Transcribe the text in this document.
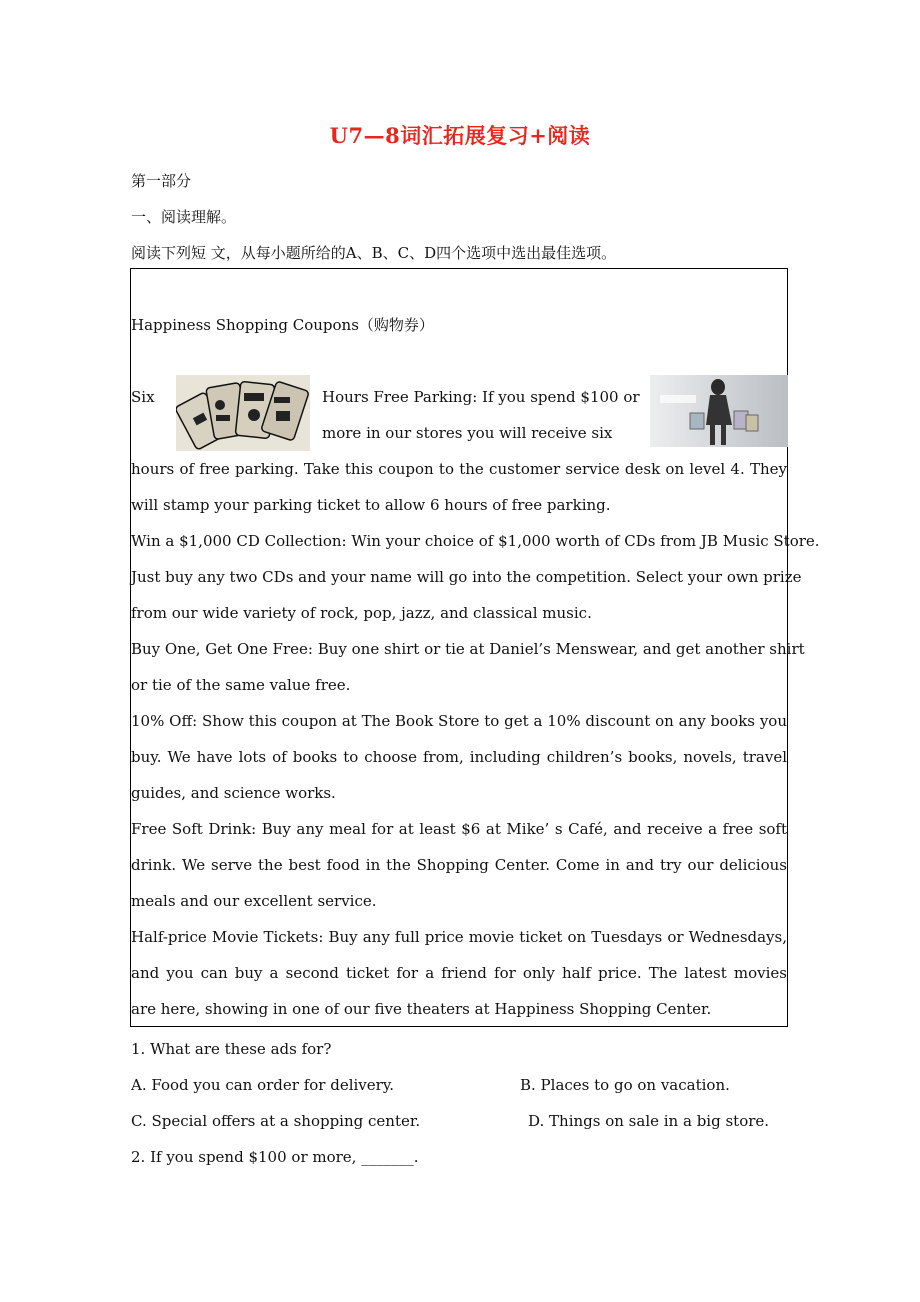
U7—8词汇拓展复习+阅读
第一部分
一、阅读理解。
阅读下列短 文，从每小题所给的A、B、C、D四个选项中选出最佳选项。
Happiness Shopping Coupons（购物券）
Six	Hours Free Parking: If you spend $100 or
more in our stores you will receive six
hours of free parking. Take this coupon to the customer service desk on level 4. They
will stamp your parking ticket to allow 6 hours of free parking.
Win a $1,000 CD Collection: Win your choice of $1,000 worth of CDs from JB Music Store.
Just buy any two CDs and your name will go into the competition. Select your own prize
from our wide variety of rock, pop, jazz, and classical music.
Buy One, Get One Free: Buy one shirt or tie at Daniel’s Menswear, and get another shirt
or tie of the same value free.
10% Off: Show this coupon at The Book Store to get a 10% discount on any books you
buy. We have lots of books to choose from, including children’s books, novels, travel
guides, and science works.
Free Soft Drink: Buy any meal for at least $6 at Mike’ s Café, and receive a free soft
drink. We serve the best food in the Shopping Center. Come in and try our delicious
meals and our excellent service.
Half-price Movie Tickets: Buy any full price movie ticket on Tuesdays or Wednesdays,
and you can buy a second ticket for a friend for only half price. The latest movies
are here, showing in one of our five theaters at Happiness Shopping Center.
1. What are these ads for?
A. Food you can order for delivery.	B. Places to go on vacation.
C. Special offers at a shopping center.	D. Things on sale in a big store.
2. If you spend $100 or more, _______.
